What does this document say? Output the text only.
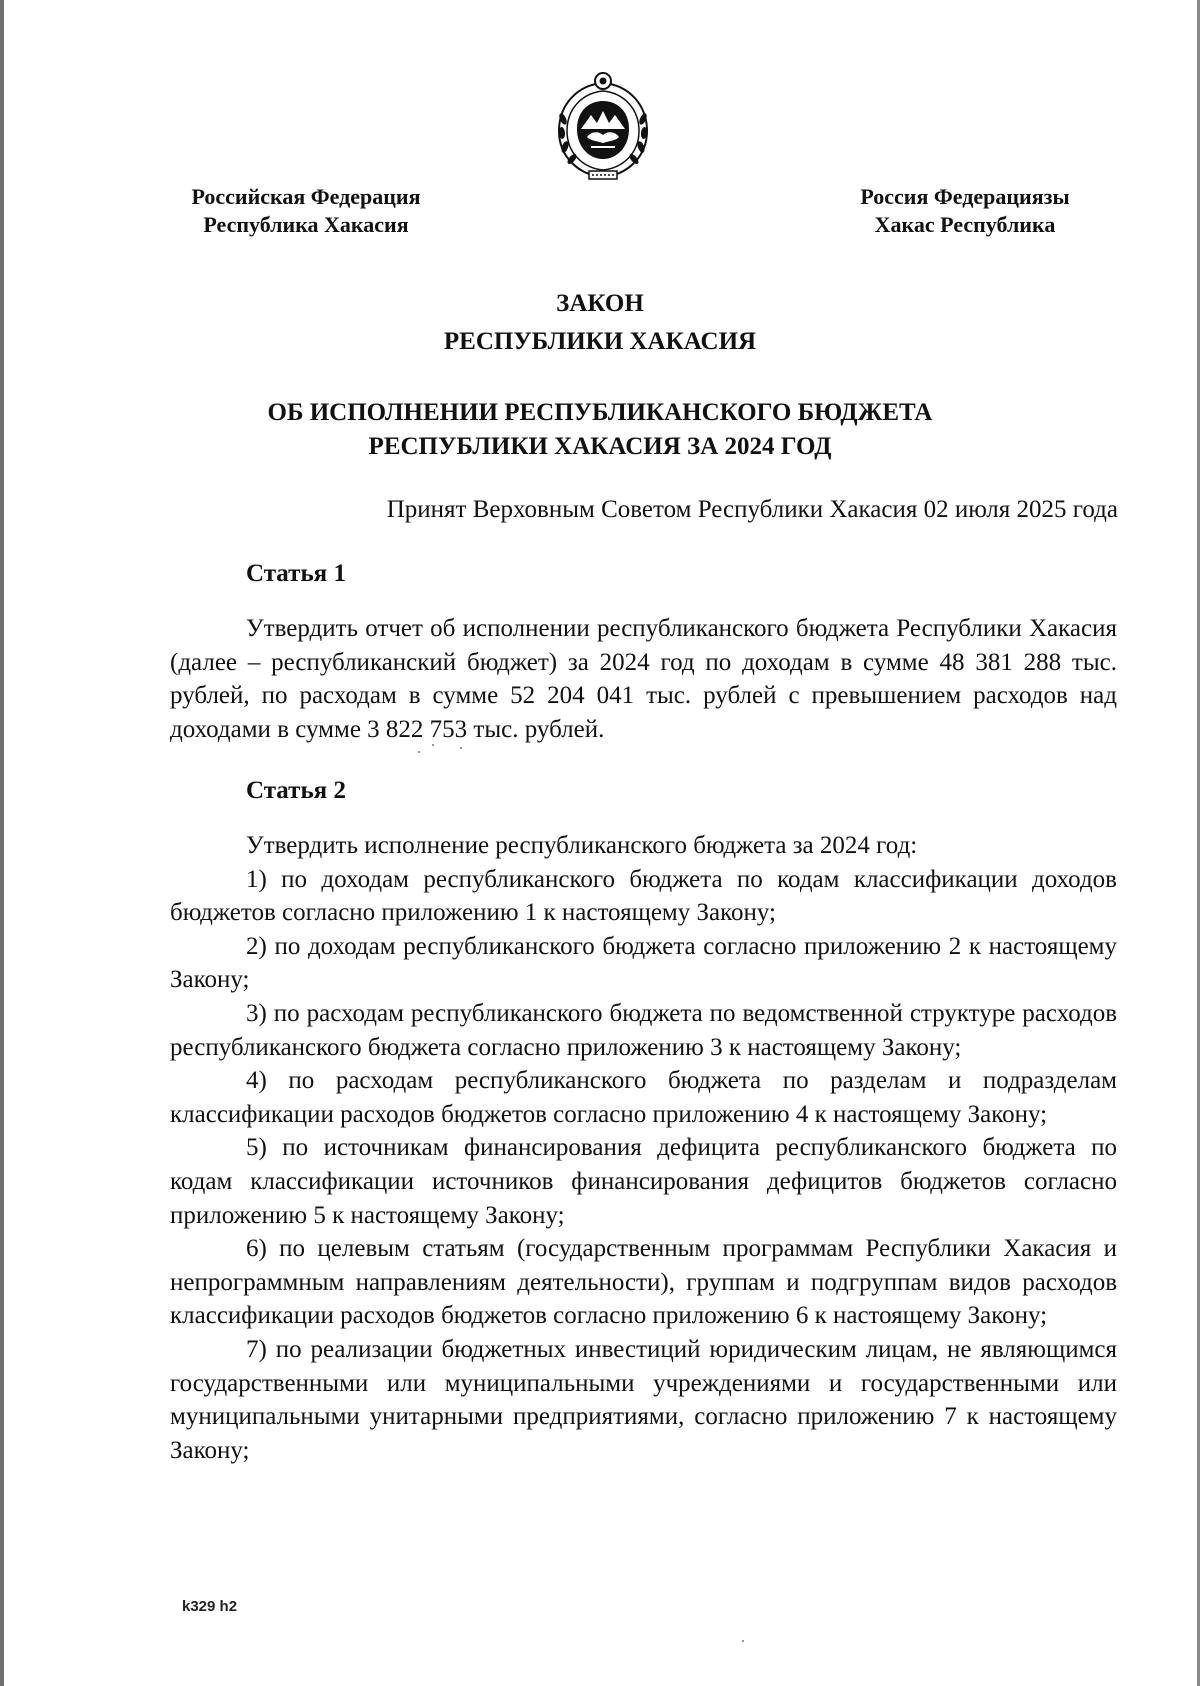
Российская Федерация
Республика Хакасия
Россия Федерациязы
Хакас Республика
ЗАКОН
РЕСПУБЛИКИ ХАКАСИЯ
ОБ ИСПОЛНЕНИИ РЕСПУБЛИКАНСКОГО БЮДЖЕТА
РЕСПУБЛИКИ ХАКАСИЯ ЗА 2024 ГОД
Принят Верховным Советом Республики Хакасия 02 июля 2025 года
Статья 1

Утвердить отчет об исполнении республиканского бюджета Республики Хакасия (далее – республиканский бюджет) за 2024 год по доходам в сумме 48 381 288 тыс. рублей, по расходам в сумме 52 204 041 тыс. рублей с превышением расходов над доходами в сумме 3 822 753 тыс. рублей.

Статья 2

Утвердить исполнение республиканского бюджета за 2024 год:

1) по доходам республиканского бюджета по кодам классификации доходов бюджетов согласно приложению 1 к настоящему Закону;

2) по доходам республиканского бюджета согласно приложению 2 к настоящему Закону;

3) по расходам республиканского бюджета по ведомственной структуре расходов республиканского бюджета согласно приложению 3 к настоящему Закону;

4) по расходам республиканского бюджета по разделам и подразделам классификации расходов бюджетов согласно приложению 4 к настоящему Закону;

5) по источникам финансирования дефицита республиканского бюджета по кодам классификации источников финансирования дефицитов бюджетов согласно приложению 5 к настоящему Закону;

6) по целевым статьям (государственным программам Республики Хакасия и непрограммным направлениям деятельности), группам и подгруппам видов расходов классификации расходов бюджетов согласно приложению 6 к настоящему Закону;

7) по реализации бюджетных инвестиций юридическим лицам, не являющимся государственными или муниципальными учреждениями и государственными или муниципальными унитарными предприятиями, согласно приложению 7 к настоящему Закону;

k329 h2
